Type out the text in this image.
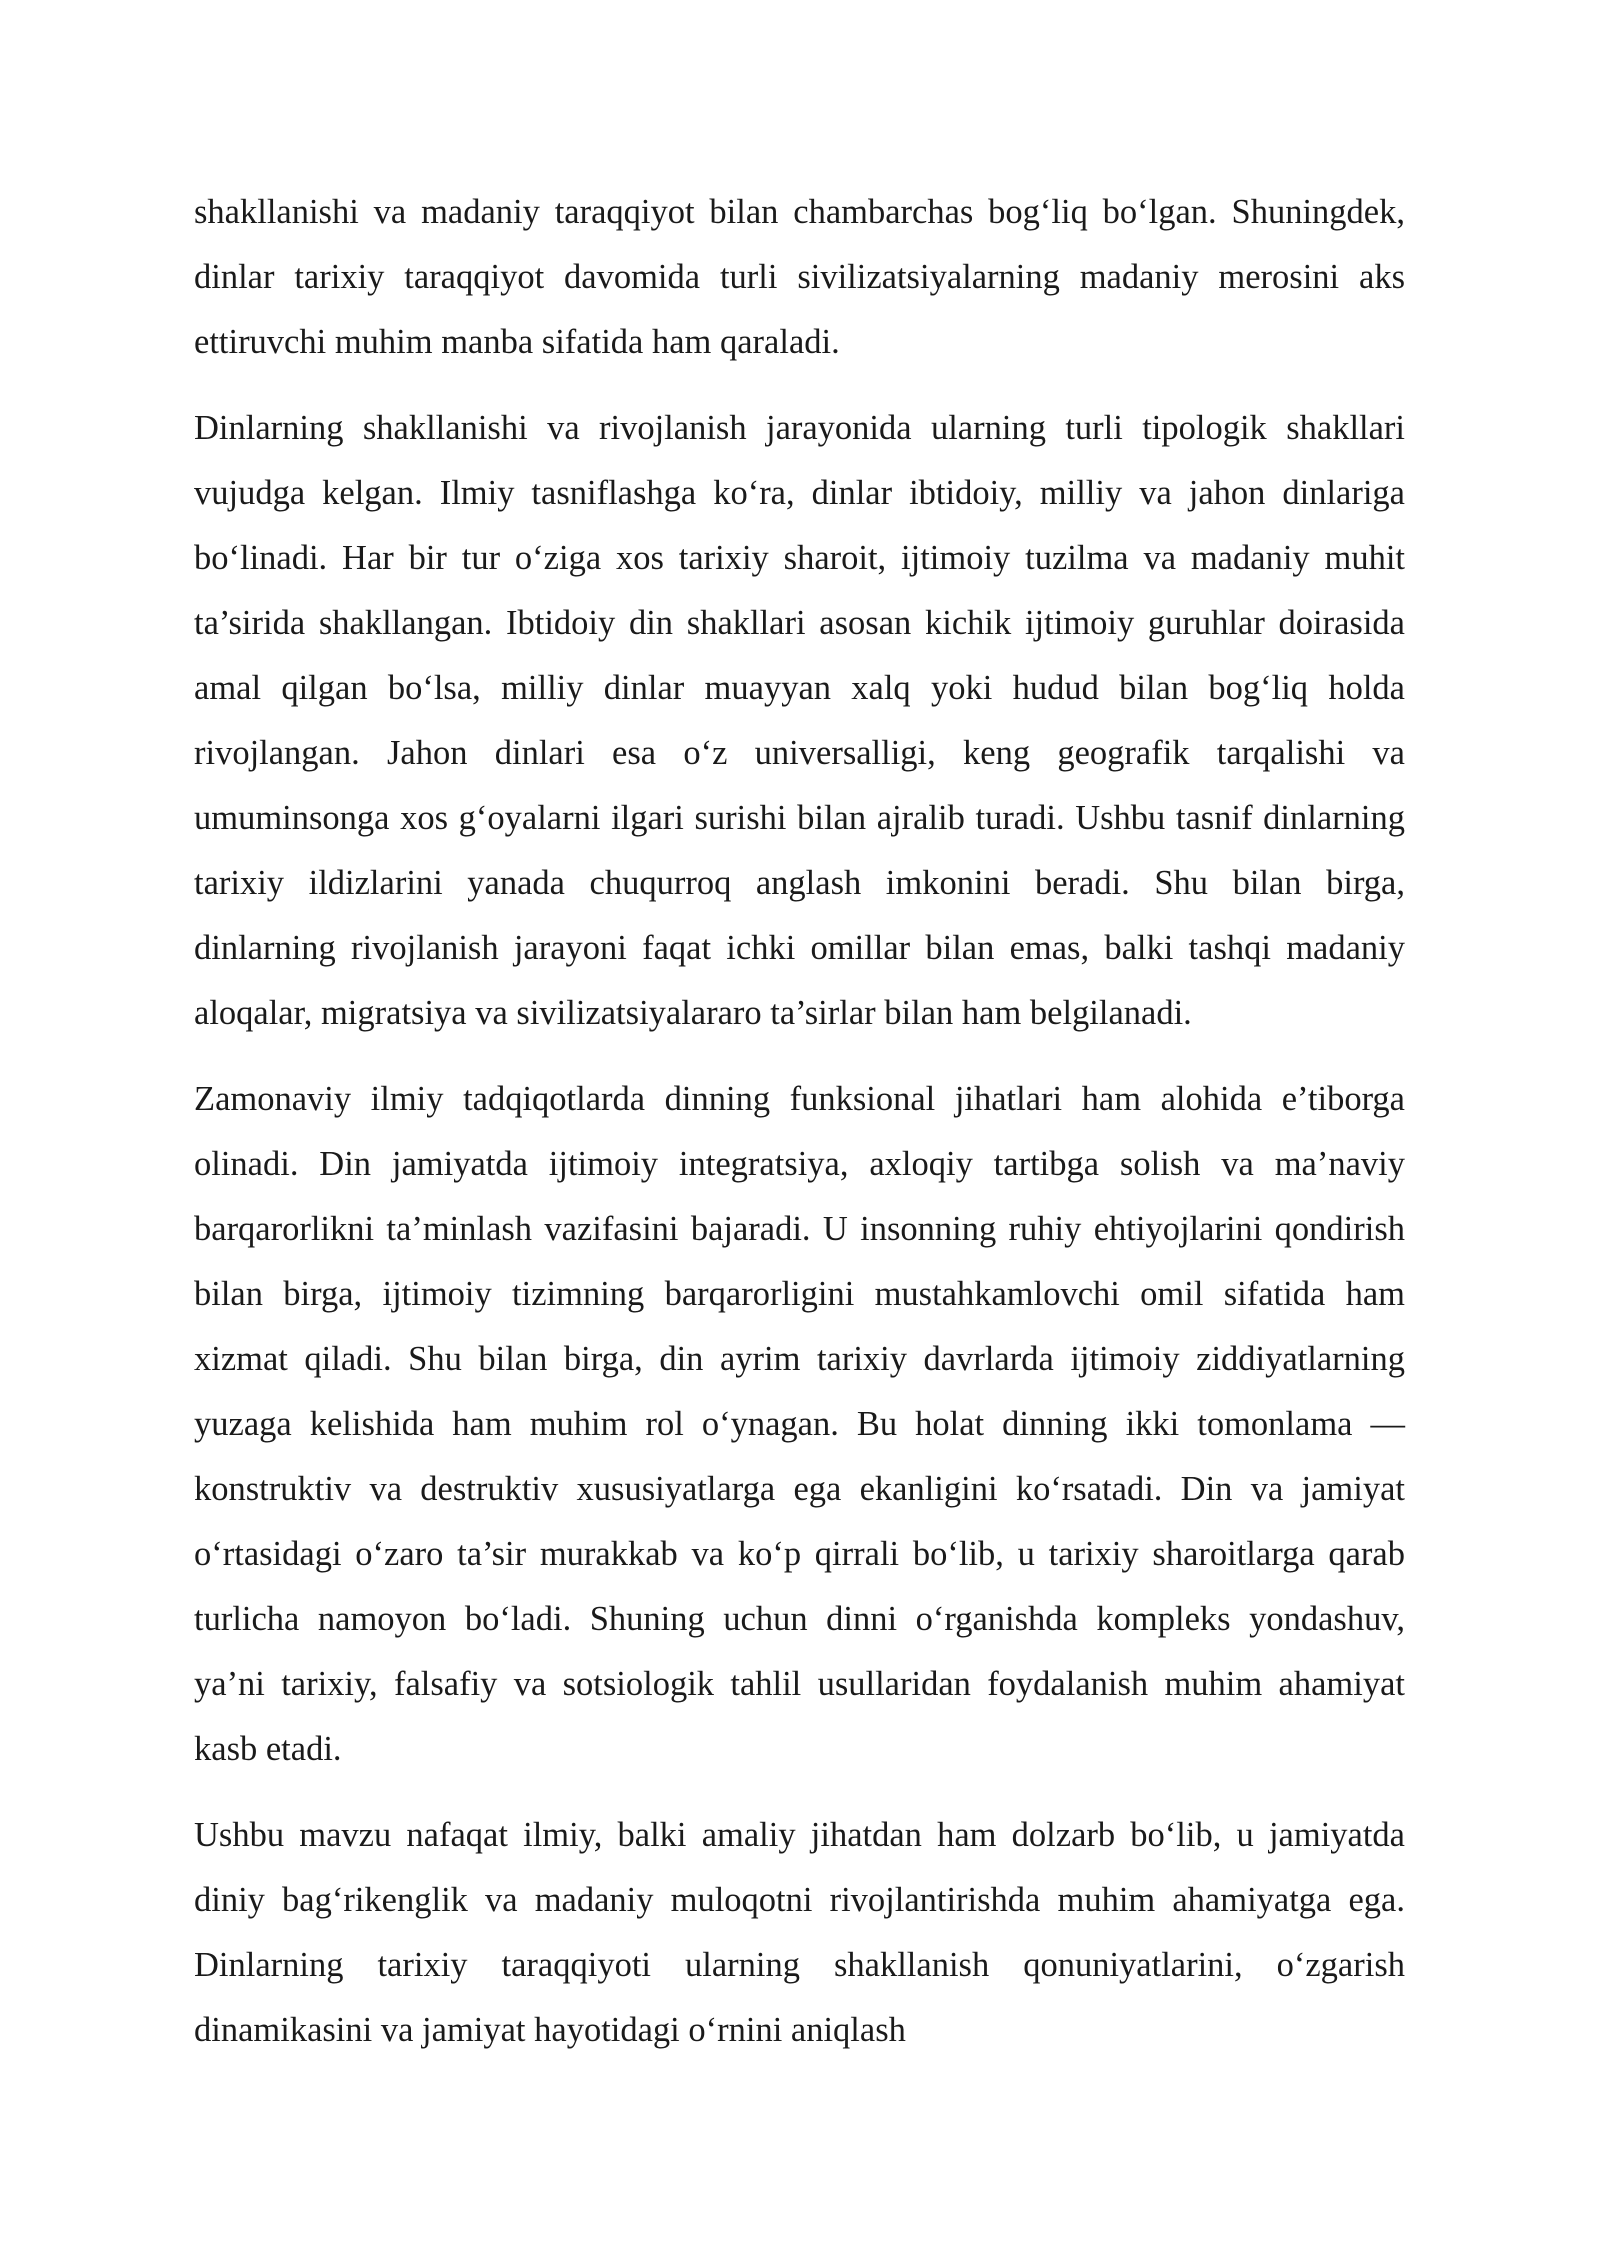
shakllanishi va madaniy taraqqiyot bilan chambarchas bog‘liq bo‘lgan. Shuningdek, dinlar tarixiy taraqqiyot davomida turli sivilizatsiyalarning madaniy merosini aks ettiruvchi muhim manba sifatida ham qaraladi.

Dinlarning shakllanishi va rivojlanish jarayonida ularning turli tipologik shakllari vujudga kelgan. Ilmiy tasniflashga ko‘ra, dinlar ibtidoiy, milliy va jahon dinlariga bo‘linadi. Har bir tur o‘ziga xos tarixiy sharoit, ijtimoiy tuzilma va madaniy muhit ta’sirida shakllangan. Ibtidoiy din shakllari asosan kichik ijtimoiy guruhlar doirasida amal qilgan bo‘lsa, milliy dinlar muayyan xalq yoki hudud bilan bog‘liq holda rivojlangan. Jahon dinlari esa o‘z universalligi, keng geografik tarqalishi va umuminsonga xos g‘oyalarni ilgari surishi bilan ajralib turadi. Ushbu tasnif dinlarning tarixiy ildizlarini yanada chuqurroq anglash imkonini beradi. Shu bilan birga, dinlarning rivojlanish jarayoni faqat ichki omillar bilan emas, balki tashqi madaniy aloqalar, migratsiya va sivilizatsiyalararo ta’sirlar bilan ham belgilanadi.

Zamonaviy ilmiy tadqiqotlarda dinning funksional jihatlari ham alohida e’tiborga olinadi. Din jamiyatda ijtimoiy integratsiya, axloqiy tartibga solish va ma’naviy barqarorlikni ta’minlash vazifasini bajaradi. U insonning ruhiy ehtiyojlarini qondirish bilan birga, ijtimoiy tizimning barqarorligini mustahkamlovchi omil sifatida ham xizmat qiladi. Shu bilan birga, din ayrim tarixiy davrlarda ijtimoiy ziddiyatlarning yuzaga kelishida ham muhim rol o‘ynagan. Bu holat dinning ikki tomonlama — konstruktiv va destruktiv xususiyatlarga ega ekanligini ko‘rsatadi. Din va jamiyat o‘rtasidagi o‘zaro ta’sir murakkab va ko‘p qirrali bo‘lib, u tarixiy sharoitlarga qarab turlicha namoyon bo‘ladi. Shuning uchun dinni o‘rganishda kompleks yondashuv, ya’ni tarixiy, falsafiy va sotsiologik tahlil usullaridan foydalanish muhim ahamiyat kasb etadi.

Ushbu mavzu nafaqat ilmiy, balki amaliy jihatdan ham dolzarb bo‘lib, u jamiyatda diniy bag‘rikenglik va madaniy muloqotni rivojlantirishda muhim ahamiyatga ega. Dinlarning tarixiy taraqqiyoti ularning shakllanish qonuniyatlarini, o‘zgarish dinamikasini va jamiyat hayotidagi o‘rnini aniqlash
